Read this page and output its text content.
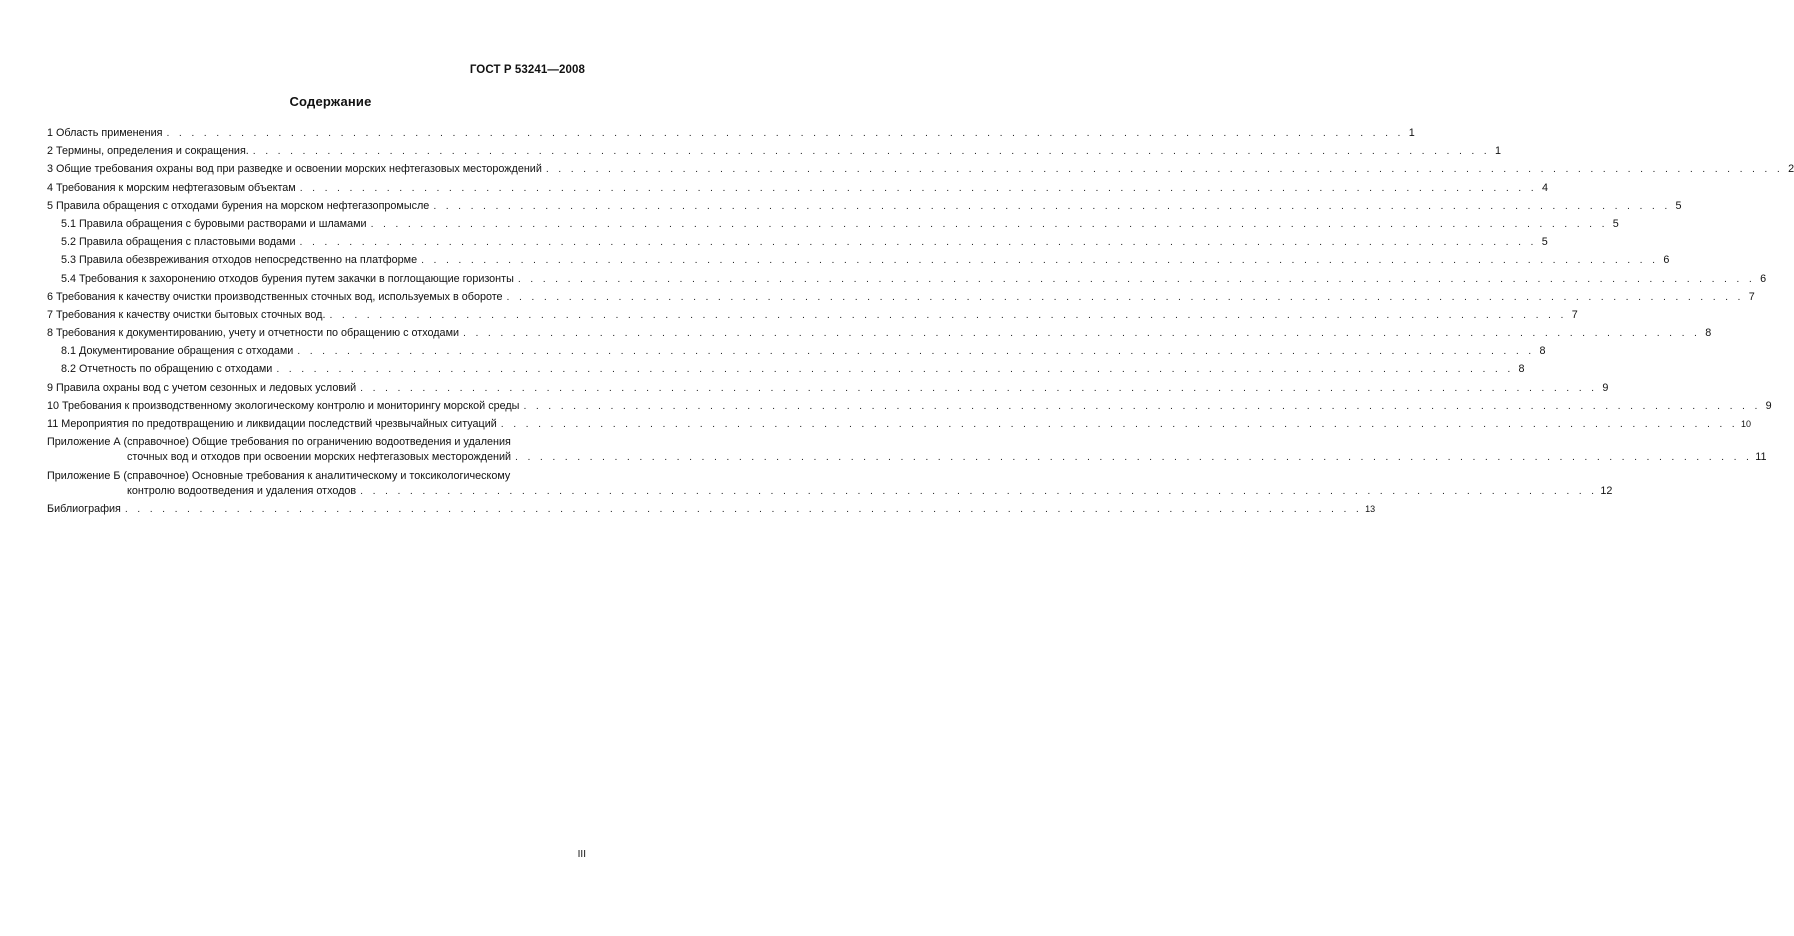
ГОСТ Р 53241—2008
Содержание
1 Область применения . . .	1
2 Термины, определения и сокращения. . . .	1
3 Общие требования охраны вод при разведке и освоении морских нефтегазовых месторождений . . .	2
4 Требования к морским нефтегазовым объектам . . .	4
5 Правила обращения с отходами бурения на морском нефтегазопромысле . . .	5
5.1 Правила обращения с буровыми растворами и шламами . . .	5
5.2 Правила обращения с пластовыми водами . . .	5
5.3 Правила обезвреживания отходов непосредственно на платформе . . .	6
5.4 Требования к захоронению отходов бурения путем закачки в поглощающие горизонты . . .	6
6 Требования к качеству очистки производственных сточных вод, используемых в обороте . . .	7
7 Требования к качеству очистки бытовых сточных вод. . . .	7
8 Требования к документированию, учету и отчетности по обращению с отходами . . .	8
8.1 Документирование обращения с отходами . . .	8
8.2 Отчетность по обращению с отходами . . .	8
9 Правила охраны вод с учетом сезонных и ледовых условий . . .	9
10 Требования к производственному экологическому контролю и мониторингу морской среды . . .	9
11 Мероприятия по предотвращению и ликвидации последствий чрезвычайных ситуаций . . .	10
Приложение А (справочное) Общие требования по ограничению водоотведения и удаления
сточных вод и отходов при освоении морских нефтегазовых месторождений . . .	11
Приложение Б (справочное) Основные требования к аналитическому и токсикологическому
контролю водоотведения и удаления отходов . . .	12
Библиография . . .	13
III
